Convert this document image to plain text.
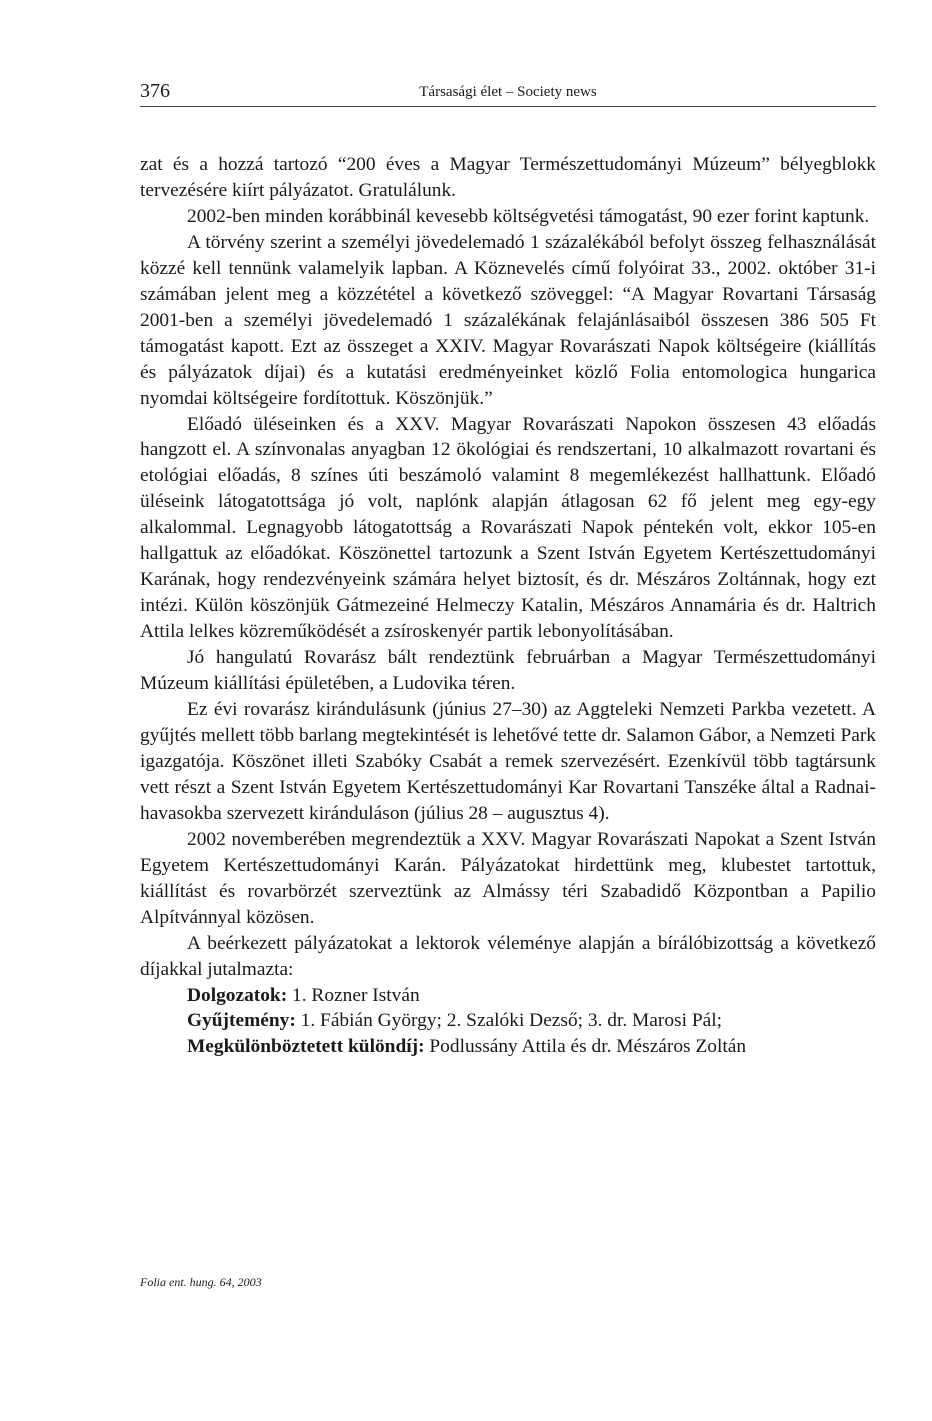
376	Társasági élet – Society news

zat és a hozzá tartozó “200 éves a Magyar Természettudományi Múzeum” bélyegblokk tervezésére kiírt pályázatot. Gratulálunk.

2002-ben minden korábbinál kevesebb költségvetési támogatást, 90 ezer forint kaptunk.

A törvény szerint a személyi jövedelemadó 1 százalékából befolyt összeg felhasználását közzé kell tennünk valamelyik lapban. A Köznevelés című folyóirat 33., 2002. október 31-i számában jelent meg a közzététel a következő szöveggel: “A Magyar Rovartani Társaság 2001-ben a személyi jövedelemadó 1 százalékának felajánlásaiból összesen 386 505 Ft támogatást kapott. Ezt az összeget a XXIV. Magyar Rovarászati Napok költségeire (kiállítás és pályázatok díjai) és a kutatási eredményeinket közlő Folia entomologica hungarica nyomdai költségeire fordítottuk. Köszönjük.”

Előadó üléseinken és a XXV. Magyar Rovarászati Napokon összesen 43 előadás hangzott el. A színvonalas anyagban 12 ökológiai és rendszertani, 10 alkalmazott rovartani és etológiai előadás, 8 színes úti beszámoló valamint 8 megemlékezést hallhattunk. Előadó üléseink látogatottsága jó volt, naplónk alapján átlagosan 62 fő jelent meg egy-egy alkalommal. Legnagyobb látogatottság a Rovarászati Napok péntekén volt, ekkor 105-en hallgattuk az előadókat. Köszönettel tartozunk a Szent István Egyetem Kertészettudományi Karának, hogy rendezvényeink számára helyet biztosít, és dr. Mészáros Zoltánnak, hogy ezt intézi. Külön köszönjük Gátmezeiné Helmeczy Katalin, Mészáros Annamária és dr. Haltrich Attila lelkes közreműködését a zsíroskenyér partik lebonyolításában.

Jó hangulatú Rovarász bált rendeztünk februárban a Magyar Természettudományi Múzeum kiállítási épületében, a Ludovika téren.

Ez évi rovarász kirándulásunk (június 27–30) az Aggteleki Nemzeti Parkba vezetett. A gyűjtés mellett több barlang megtekintését is lehetővé tette dr. Salamon Gábor, a Nemzeti Park igazgatója. Köszönet illeti Szabóky Csabát a remek szervezésért. Ezenkívül több tagtársunk vett részt a Szent István Egyetem Kertészettudományi Kar Rovartani Tanszéke által a Radnai-havasokba szervezett kiránduláson (július 28 – augusztus 4).

2002 novemberében megrendeztük a XXV. Magyar Rovarászati Napokat a Szent István Egyetem Kertészettudományi Karán. Pályázatokat hirdettünk meg, klubestet tartottuk, kiállítást és rovarbörzét szerveztünk az Almássy téri Szabadidő Központban a Papilio Alpítvánnyal közösen.

A beérkezett pályázatokat a lektorok véleménye alapján a bírálóbizottság a következő díjakkal jutalmazta:

Dolgozatok: 1. Rozner István

Gyűjtemény: 1. Fábián György; 2. Szalóki Dezső; 3. dr. Marosi Pál;

Megkülönböztetett különdíj: Podlussány Attila és dr. Mészáros Zoltán

Folia ent. hung. 64, 2003
